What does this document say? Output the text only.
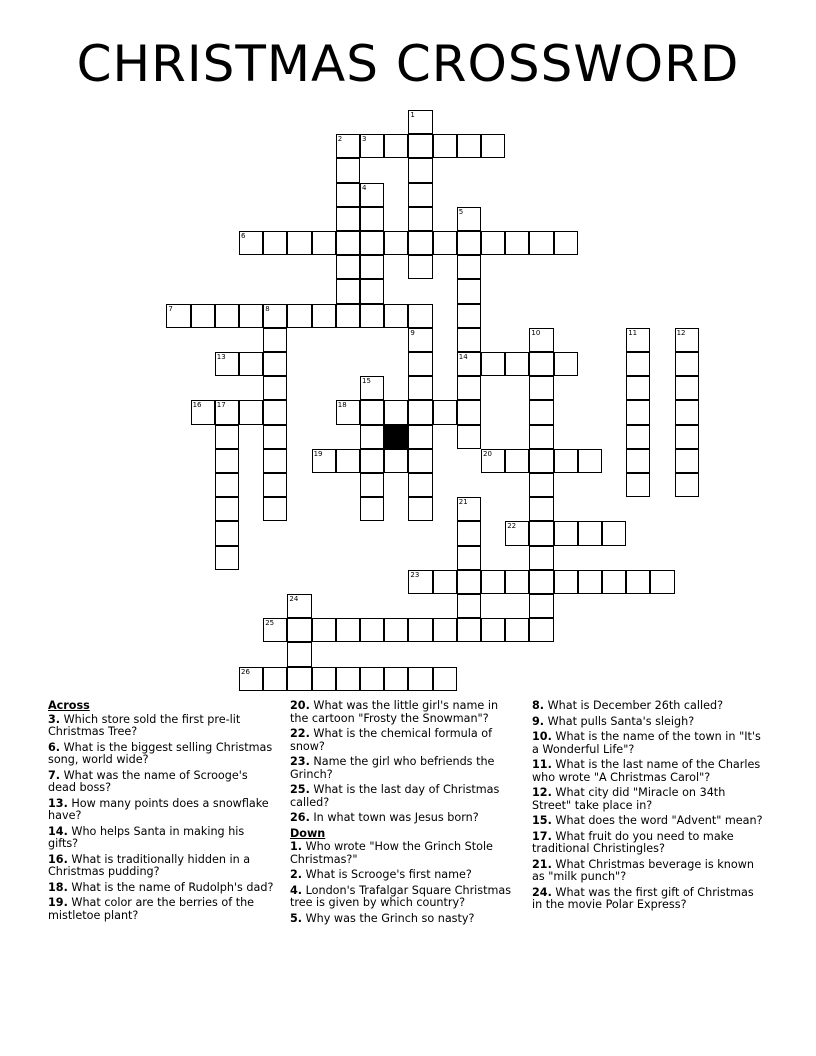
CHRISTMAS CROSSWORD
1
2	3
4
5
14
6
7	8
9	10	11	12
13
15
16 17	18
19	20
21
22
23
24
25
26
Across
3. Which store sold the first pre-lit Christmas Tree?
6. What is the biggest selling Christmas song, world wide?
7. What was the name of Scrooge's dead boss?
13. How many points does a snowflake have?
14. Who helps Santa in making his gifts?
16. What is traditionally hidden in a Christmas pudding?
18. What is the name of Rudolph's dad?
19. What color are the berries of the mistletoe plant?
20. What was the little girl's name in the cartoon "Frosty the Snowman"?
22. What is the chemical formula of snow?
23. Name the girl who befriends the Grinch?
25. What is the last day of Christmas called?
26. In what town was Jesus born?
Down
1. Who wrote "How the Grinch Stole Christmas?"
2. What is Scrooge's first name?
4. London's Trafalgar Square Christmas tree is given by which country?
5. Why was the Grinch so nasty?
8. What is December 26th called?
9. What pulls Santa's sleigh?
10. What is the name of the town in "It's a Wonderful Life"?
11. What is the last name of the Charles who wrote "A Christmas Carol"?
12. What city did "Miracle on 34th Street" take place in?
15. What does the word "Advent" mean?
17. What fruit do you need to make traditional Christingles?
21. What Christmas beverage is known as "milk punch"?
24. What was the first gift of Christmas in the movie Polar Express?
